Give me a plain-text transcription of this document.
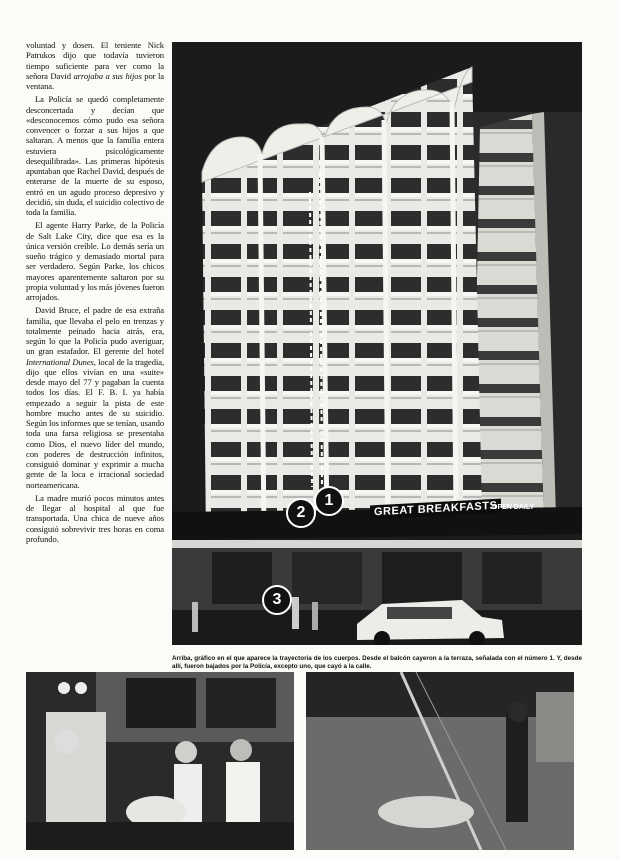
voluntad y dosen. El teniente Nick Patrukos dijo que todavía tuvieron tiempo suficiente para ver como la señora David arrojaba a sus hijos por la ventana.

La Policía se quedó completamente desconcertada y decían que «desconocemos cómo pudo esa señora convencer o forzar a sus hijos a que saltaran. A menos que la familia entera estuviera psicológicamente desequilibrada». Las primeras hipótesis apuntaban que Rachel David, después de enterarse de la muerte de su esposo, entró en un agudo proceso depresivo y decidió, sin duda, el suicidio colectivo de toda la familia.

El agente Harry Parke, de la Policía de Salt Lake City, dice que esa es la única versión creíble. Lo demás sería un sueño trágico y demasiado mortal para ser verdadero. Según Parke, los chicos mayores aparentemente saltaron por su propia voluntad y los más jóvenes fueron arrojados.

David Bruce, el padre de esa extraña familia, que llevaba el pelo en trenzas y totalmente peinado hacia atrás, era, según lo que la Policía pudo averiguar, un gran estafador. El gerente del hotel International Dunes, local de la tragedia, dijo que ellos vivían en una «suite» desde mayo del 77 y pagaban la cuenta todos los días. El F. B. I. ya había empezado a seguir la pista de este hombre mucho antes de su suicidio. Según los informes que se tenían, usando toda una farsa religiosa se presentaba como Dios, el nuevo líder del mundo, con poderes de destrucción infinitos, consiguió dominar y exprimir a mucha gente de la loca e irracional sociedad norteamericana.

La madre murió pocos minutos antes de llegar al hospital al que fue transportada. Una chica de nueve años consiguió sobrevivir tres horas en coma profundo.

GREAT BREAKFASTS
OPEN DAILY
1
2
3
Arriba, gráfico en el que aparece la trayectoria de los cuerpos. Desde el balcón cayeron a la terraza, señalada con el número 1. Y, desde allí, fueron bajados por la Policía, excepto uno, que cayó a la calle.
